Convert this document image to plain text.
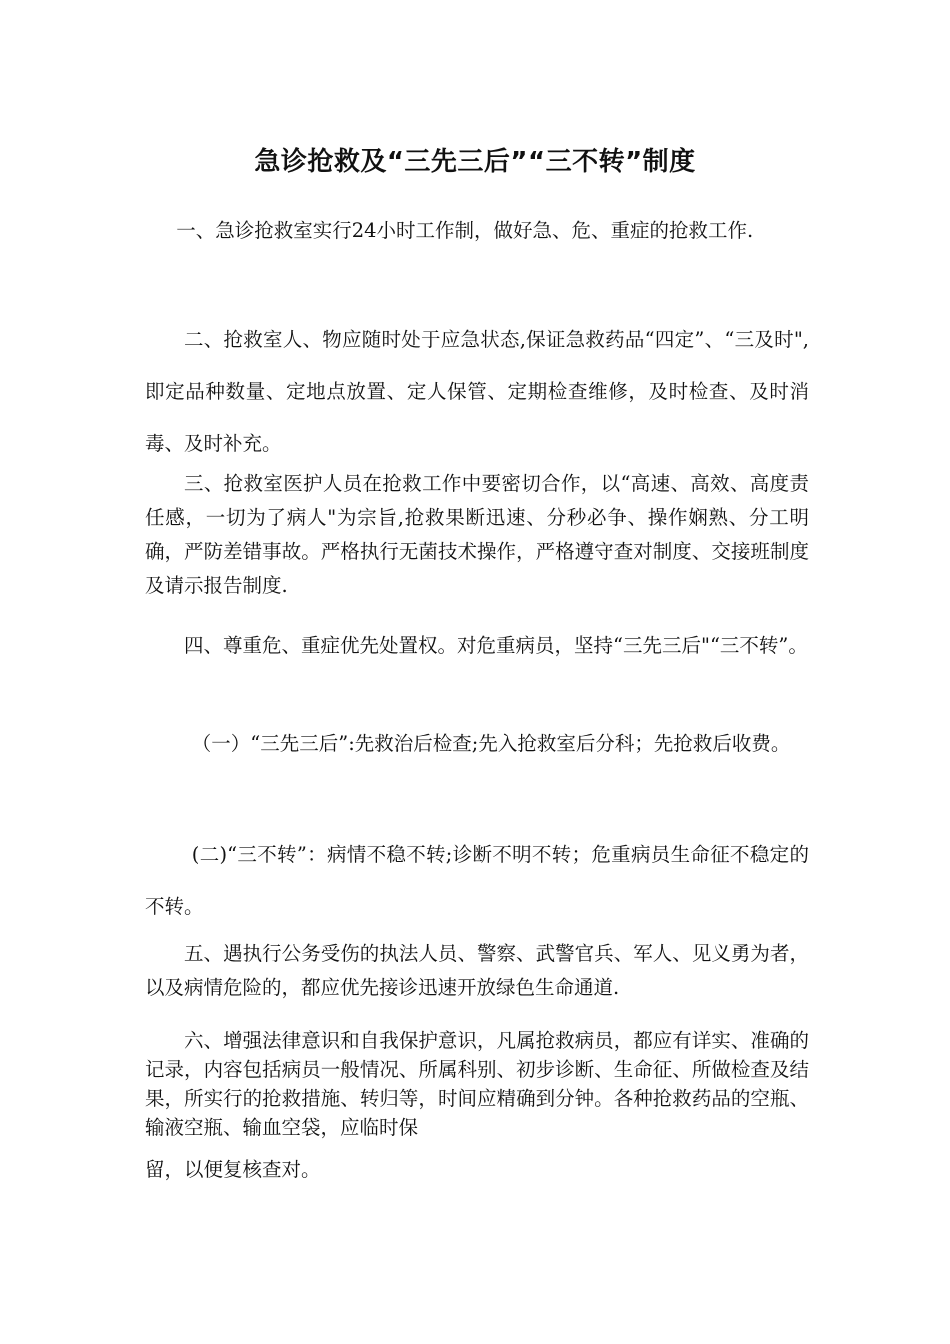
急诊抢救及“三先三后”“三不转”制度
一、急诊抢救室实行24小时工作制，做好急、危、重症的抢救工作.
二、抢救室人、物应随时处于应急状态,保证急救药品“四定”、“三及时",即定品种数量、定地点放置、定人保管、定期检查维修，及时检查、及时消毒、及时补充。
三、抢救室医护人员在抢救工作中要密切合作，以“高速、高效、高度责任感，一切为了病人"为宗旨,抢救果断迅速、分秒必争、操作娴熟、分工明确，严防差错事故。严格执行无菌技术操作，严格遵守查对制度、交接班制度及请示报告制度.
四、尊重危、重症优先处置权。对危重病员，坚持“三先三后"“三不转”。
（一）“三先三后”:先救治后检查;先入抢救室后分科；先抢救后收费。
(二)“三不转”：病情不稳不转;诊断不明不转；危重病员生命征不稳定的不转。
五、遇执行公务受伤的执法人员、警察、武警官兵、军人、见义勇为者，以及病情危险的，都应优先接诊迅速开放绿色生命通道.
六、增强法律意识和自我保护意识，凡属抢救病员，都应有详实、准确的记录，内容包括病员一般情况、所属科别、初步诊断、生命征、所做检查及结果，所实行的抢救措施、转归等，时间应精确到分钟。各种抢救药品的空瓶、输液空瓶、输血空袋，应临时保
留，以便复核查对。
